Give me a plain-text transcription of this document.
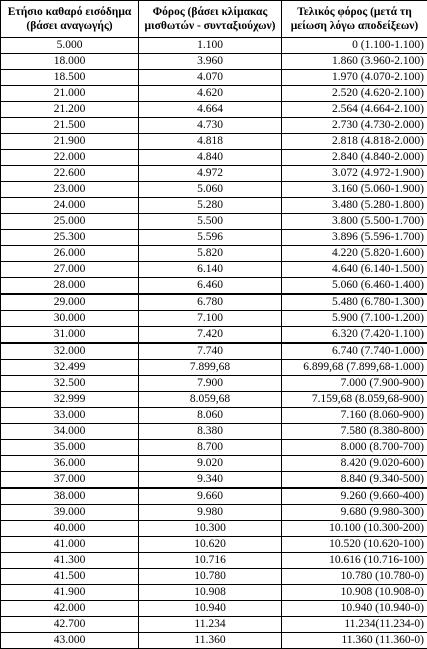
Ετήσιο καθαρό εισόδημα (βάσει αναγωγής)	Φόρος (βάσει κλίμακας μισθωτών - συνταξιούχων)	Τελικός φόρος (μετά τη μείωση λόγω αποδείξεων)
5.000	1.100	0 (1.100-1.100)
18.000	3.960	1.860 (3.960-2.100)
18.500	4.070	1.970 (4.070-2.100)
21.000	4.620	2.520 (4.620-2.100)
21.200	4.664	2.564 (4.664-2.100)
21.500	4.730	2.730 (4.730-2.000)
21.900	4.818	2.818 (4.818-2.000)
22.000	4.840	2.840 (4.840-2.000)
22.600	4.972	3.072 (4.972-1.900)
23.000	5.060	3.160 (5.060-1.900)
24.000	5.280	3.480 (5.280-1.800)
25.000	5.500	3.800 (5.500-1.700)
25.300	5.596	3.896 (5.596-1.700)
26.000	5.820	4.220 (5.820-1.600)
27.000	6.140	4.640 (6.140-1.500)
28.000	6.460	5.060 (6.460-1.400)
29.000	6.780	5.480 (6.780-1.300)
30.000	7.100	5.900 (7.100-1.200)
31.000	7.420	6.320 (7.420-1.100)
32.000	7.740	6.740 (7.740-1.000)
32.499	7.899,68	6.899,68 (7.899,68-1.000)
32.500	7.900	7.000 (7.900-900)
32.999	8.059,68	7.159,68 (8.059,68-900)
33.000	8.060	7.160 (8.060-900)
34.000	8.380	7.580 (8.380-800)
35.000	8.700	8.000 (8.700-700)
36.000	9.020	8.420 (9.020-600)
37.000	9.340	8.840 (9.340-500)
38.000	9.660	9.260 (9.660-400)
39.000	9.980	9.680 (9.980-300)
40.000	10.300	10.100 (10.300-200)
41.000	10.620	10.520 (10.620-100)
41.300	10.716	10.616 (10.716-100)
41.500	10.780	10.780 (10.780-0)
41.900	10.908	10.908 (10.908-0)
42.000	10.940	10.940 (10.940-0)
42.700	11.234	11.234(11.234-0)
43.000	11.360	11.360 (11.360-0)
